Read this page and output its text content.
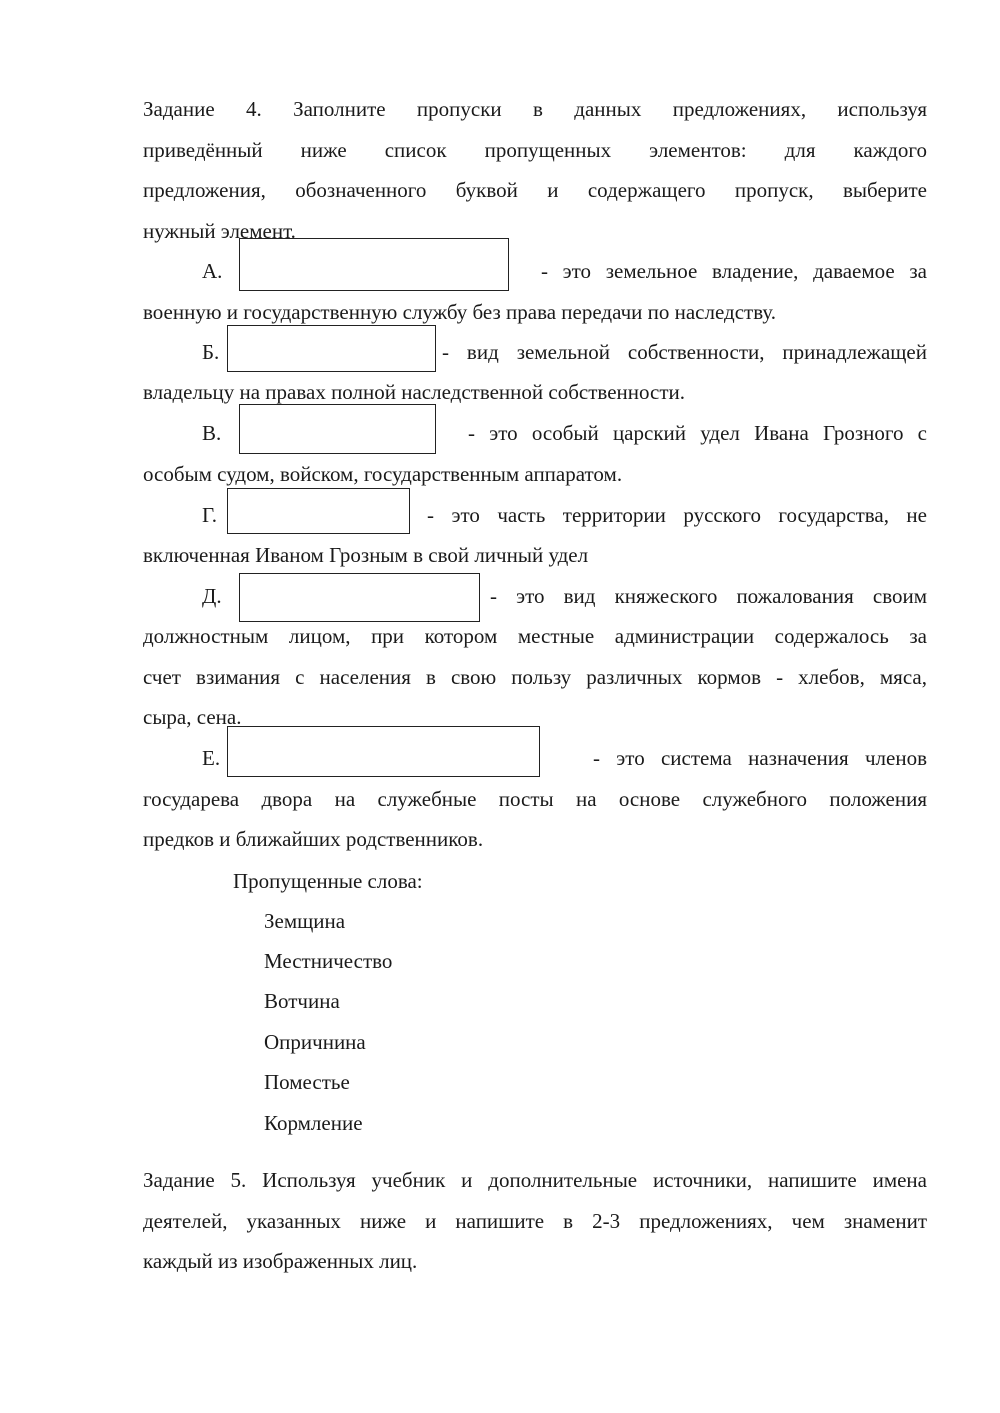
Задание 4. Заполните пропуски в данных предложениях, используя
приведённый ниже список пропущенных элементов: для каждого
предложения, обозначенного буквой и содержащего пропуск, выберите
нужный элемент.
А.	- это земельное владение, даваемое за
военную и государственную службу без права передачи по наследству.
Б.	- вид земельной собственности, принадлежащей
владельцу на правах полной наследственной собственности.
В.	- это особый царский удел Ивана Грозного с
особым судом, войском, государственным аппаратом.
Г.	- это часть территории русского государства, не
включенная Иваном Грозным в свой личный удел
Д.	- это вид княжеского пожалования своим
должностным лицом, при котором местные администрации содержалось за
счет взимания с населения в свою пользу различных кормов - хлебов, мяса,
сыра, сена.
Е.	- это система назначения членов
государева двора на служебные посты на основе служебного положения
предков и ближайших родственников.
Пропущенные слова:
Земщина
Местничество
Вотчина
Опричнина
Поместье
Кормление
Задание 5. Используя учебник и дополнительные источники, напишите имена
деятелей, указанных ниже и напишите в 2-3 предложениях, чем знаменит
каждый из изображенных лиц.
